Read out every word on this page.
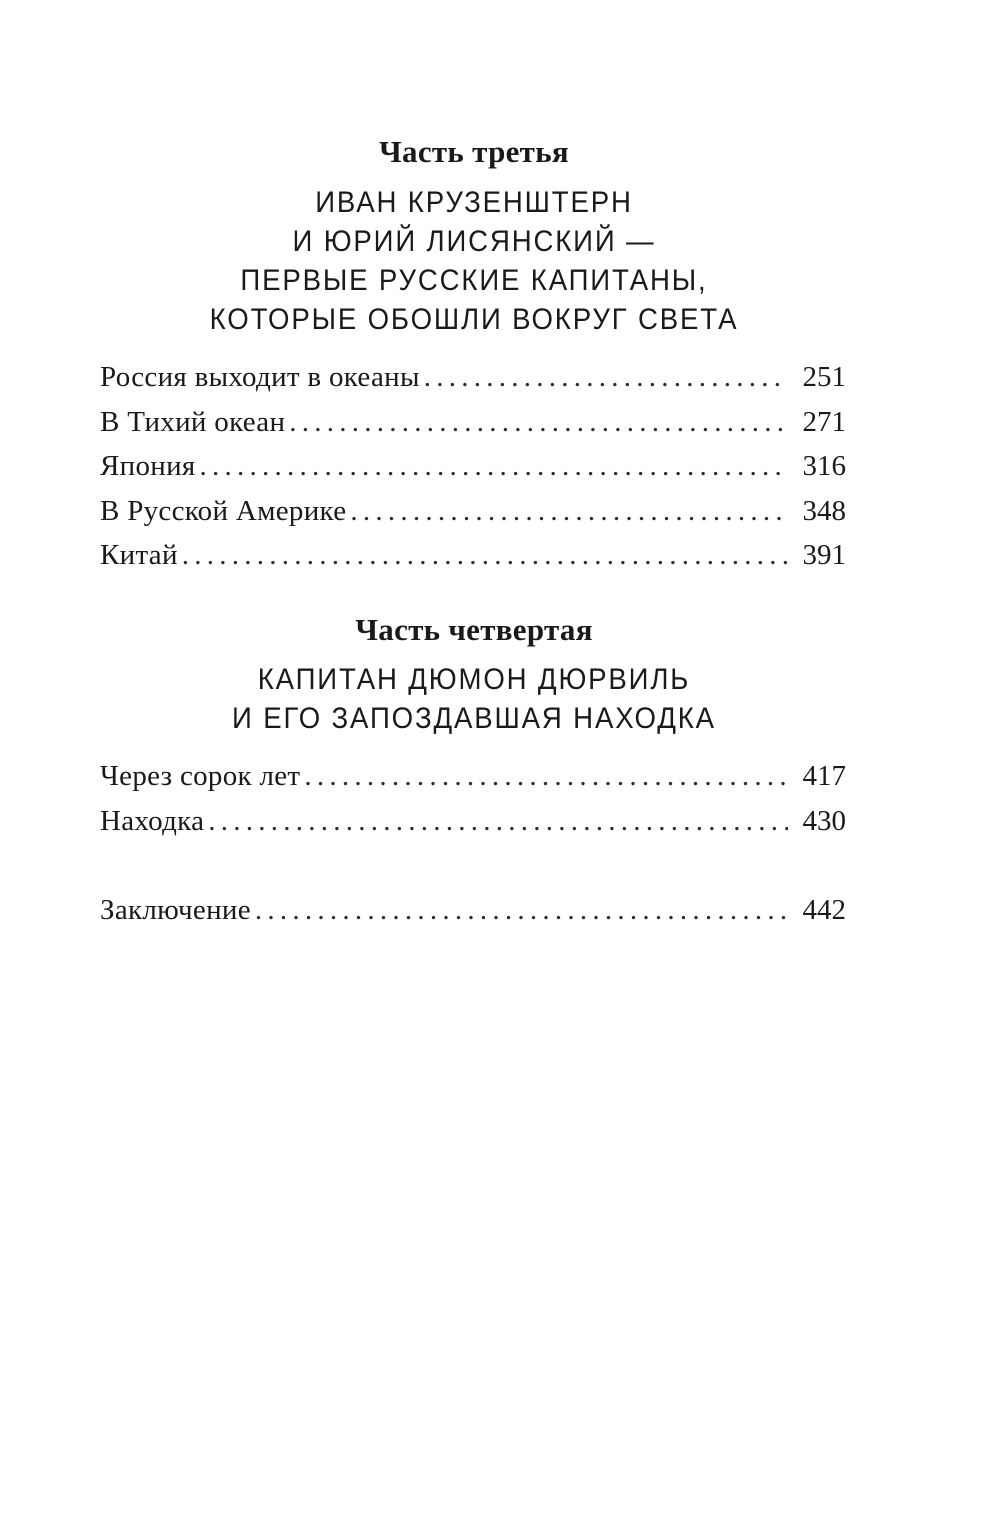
Часть третья
ИВАН КРУЗЕНШТЕРН
И ЮРИЙ ЛИСЯНСКИЙ —
ПЕРВЫЕ РУССКИЕ КАПИТАНЫ,
КОТОРЫЕ ОБОШЛИ ВОКРУГ СВЕТА
Россия выходит в океаны . . .	251
В Тихий океан . . .	271
Япония . . .	316
В Русской Америке . . .	348
Китай . . .	391
Часть четвертая
КАПИТАН ДЮМОН ДЮРВИЛЬ
И ЕГО ЗАПОЗДАВШАЯ НАХОДКА
Через сорок лет . . .	417
Находка . . .	430
Заключение . . .	442
